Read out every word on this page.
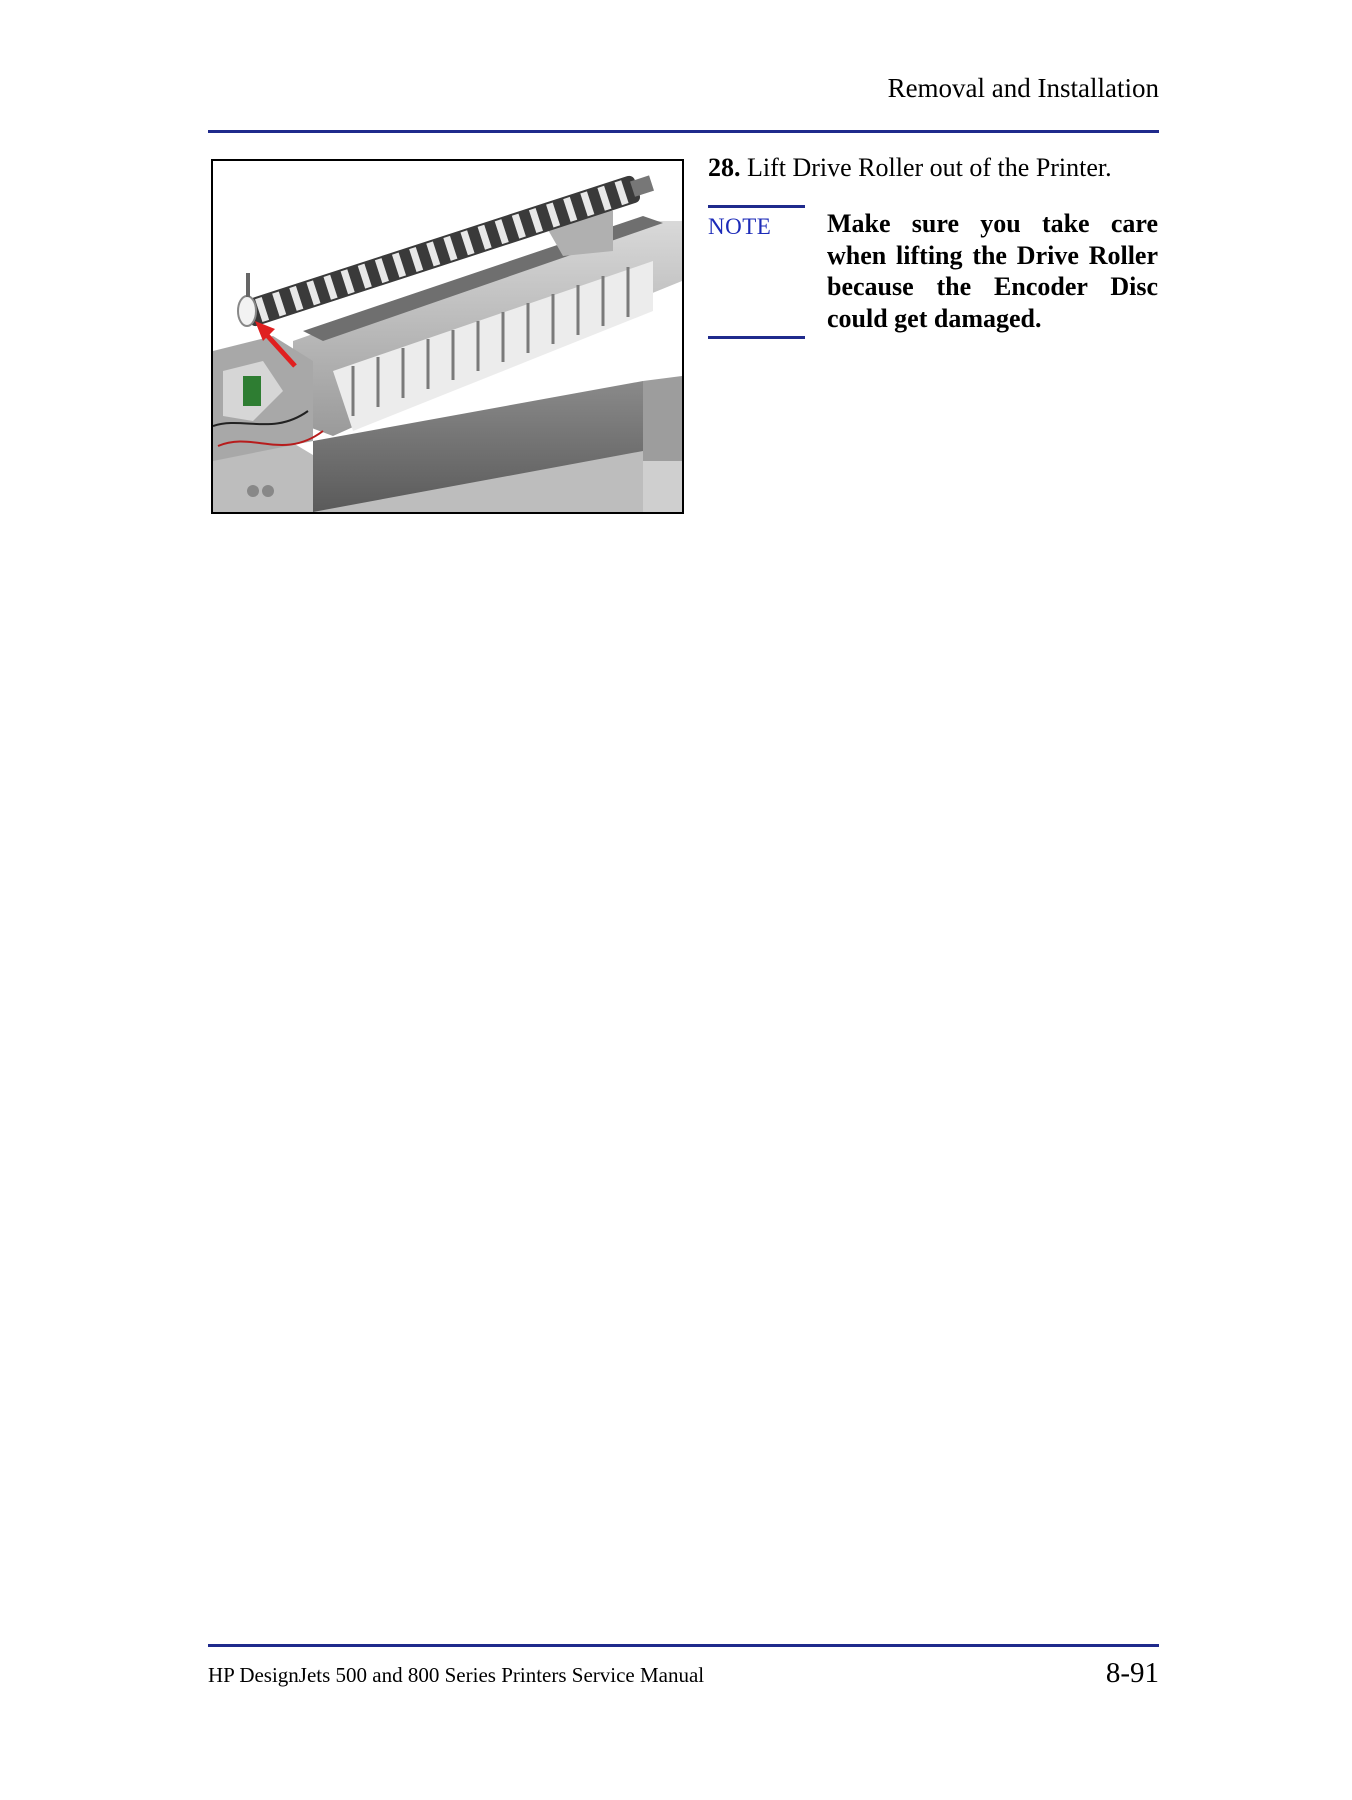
Removal and Installation
28. Lift Drive Roller out of the Printer.
NOTE Make sure you take care when lifting the Drive Roller because the Encoder Disc could get damaged.
HP DesignJets 500 and 800 Series Printers Service Manual	8-91
